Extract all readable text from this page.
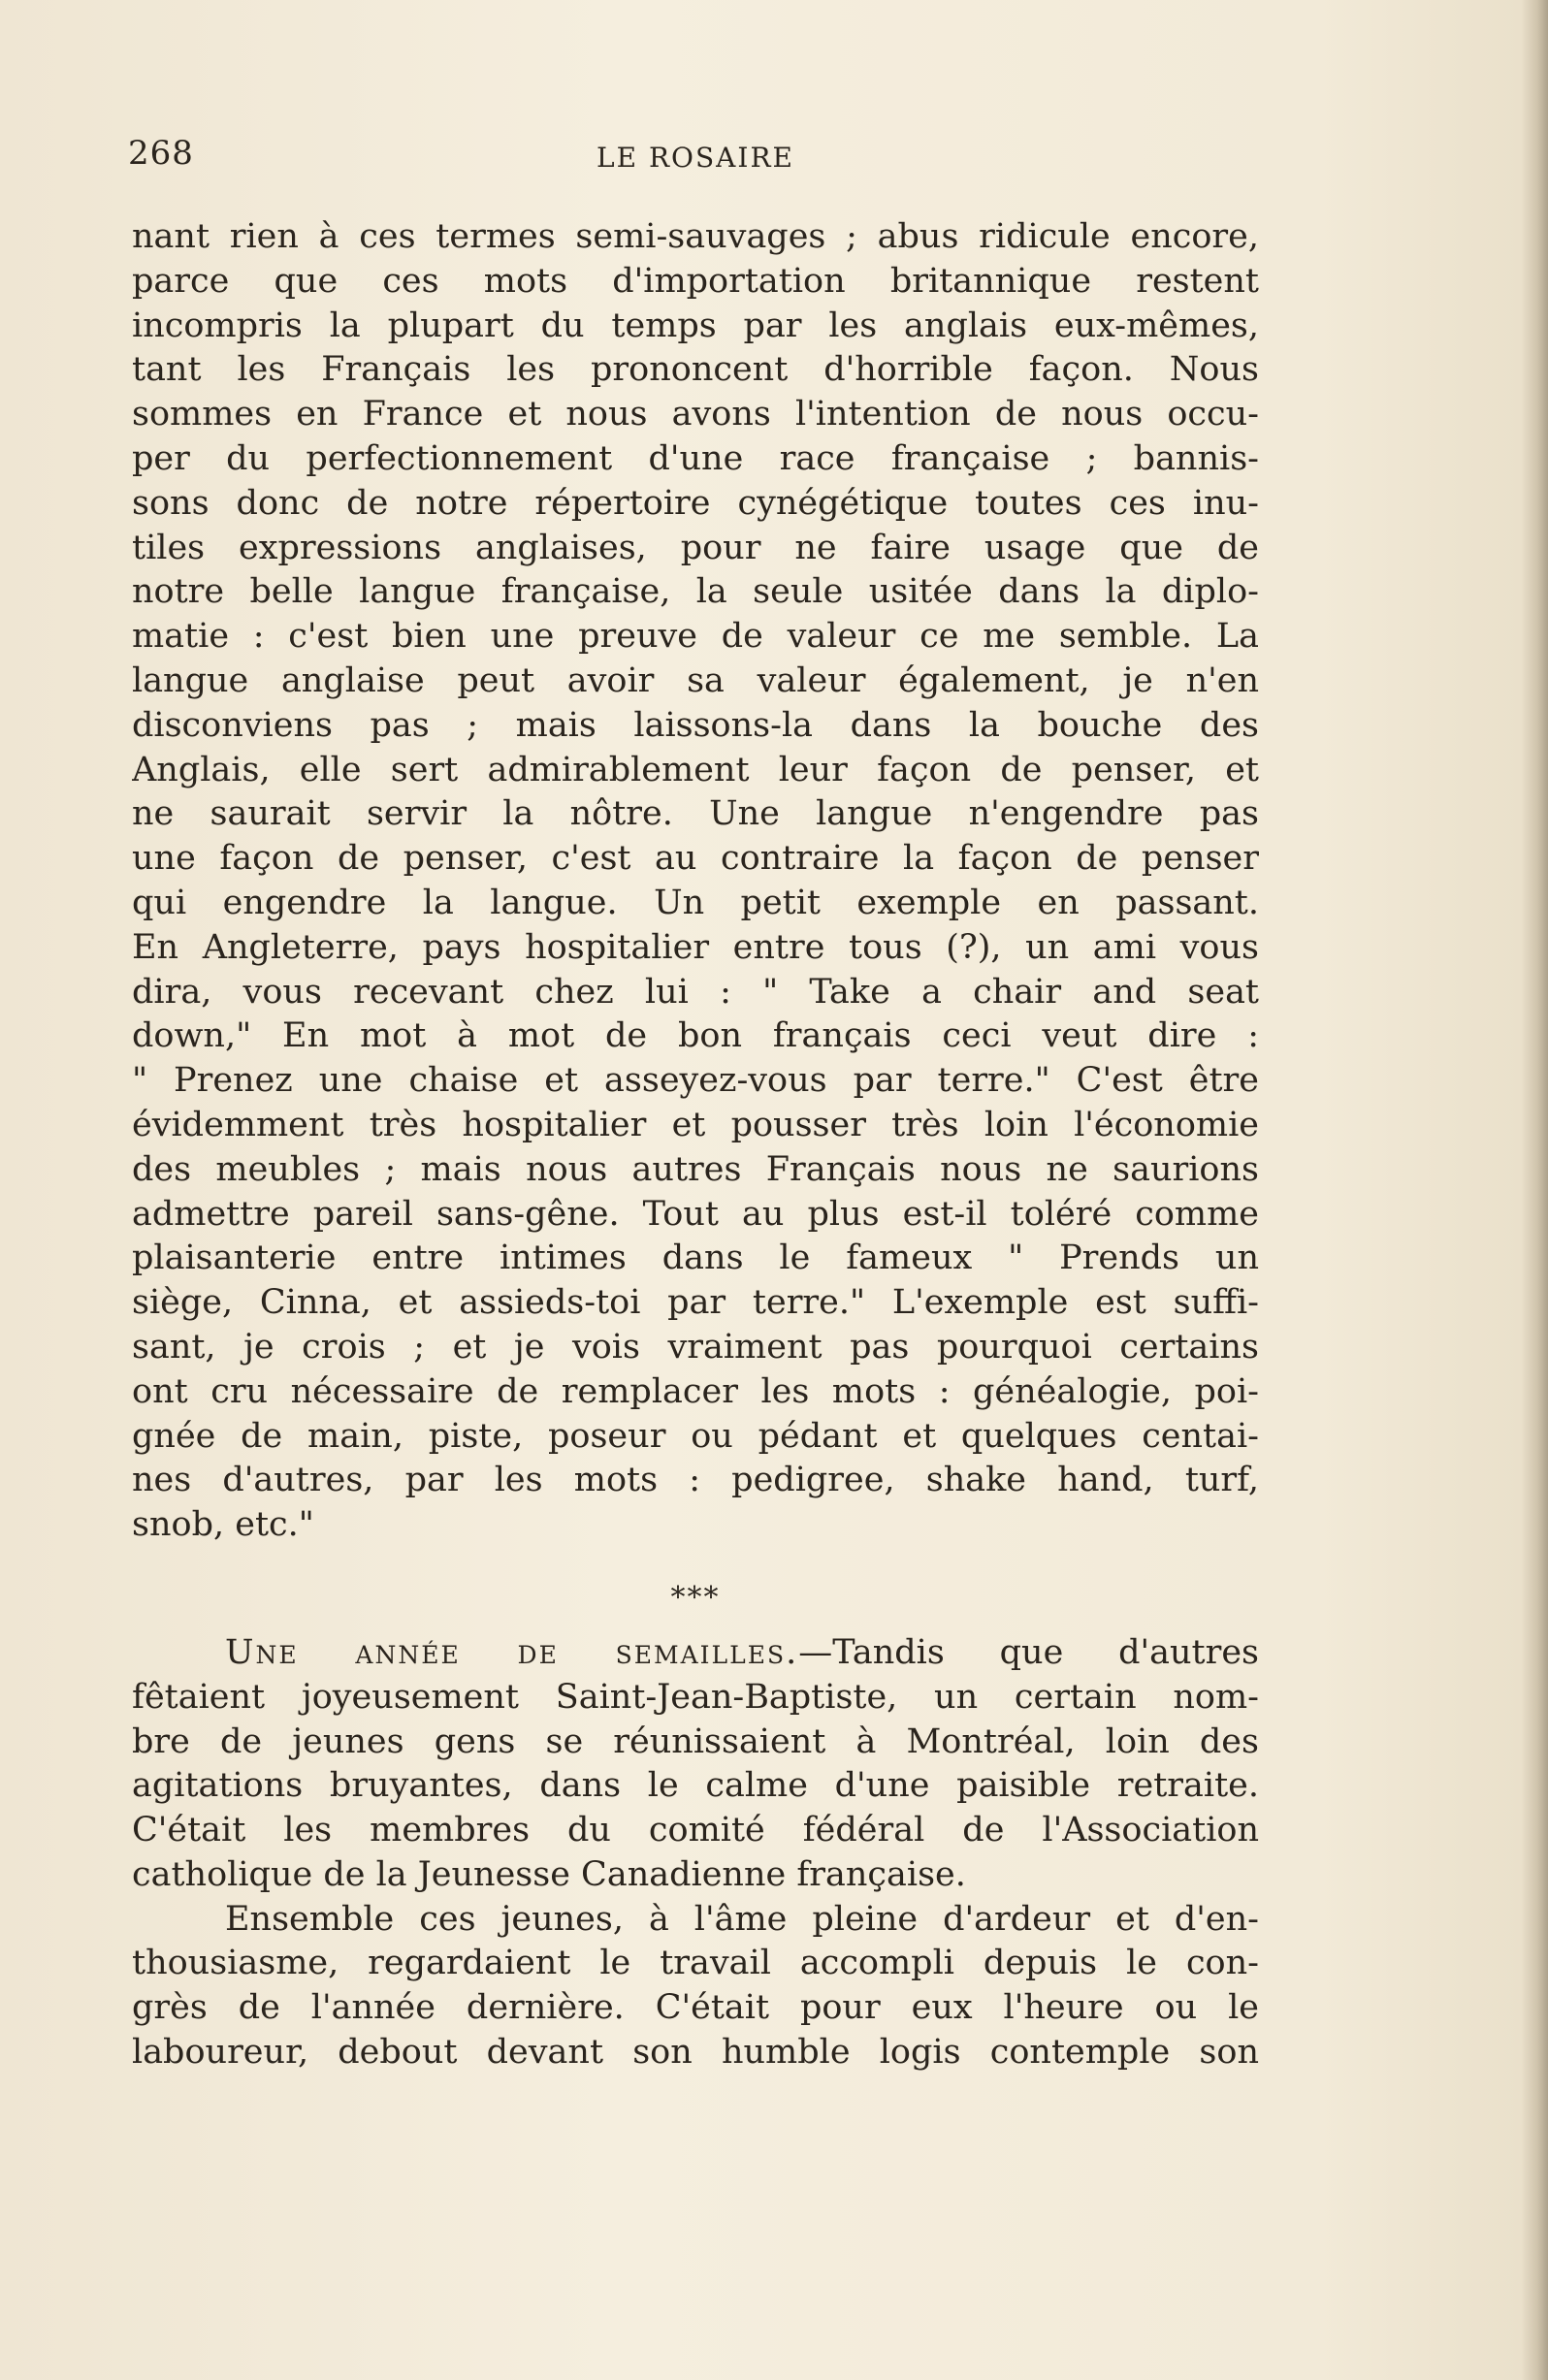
268	LE ROSAIRE
nant rien à ces termes semi-sauvages ; abus ridicule encore,
parce que ces mots d'importation britannique restent
incompris la plupart du temps par les anglais eux-mêmes,
tant les Français les prononcent d'horrible façon. Nous
sommes en France et nous avons l'intention de nous occu-
per du perfectionnement d'une race française ; bannis-
sons donc de notre répertoire cynégétique toutes ces inu-
tiles expressions anglaises, pour ne faire usage que de
notre belle langue française, la seule usitée dans la diplo-
matie : c'est bien une preuve de valeur ce me semble. La
langue anglaise peut avoir sa valeur également, je n'en
disconviens pas ; mais laissons-la dans la bouche des
Anglais, elle sert admirablement leur façon de penser, et
ne saurait servir la nôtre. Une langue n'engendre pas
une façon de penser, c'est au contraire la façon de penser
qui engendre la langue. Un petit exemple en passant.
En Angleterre, pays hospitalier entre tous (?), un ami vous
dira, vous recevant chez lui : " Take a chair and seat
down," En mot à mot de bon français ceci veut dire :
" Prenez une chaise et asseyez-vous par terre." C'est être
évidemment très hospitalier et pousser très loin l'économie
des meubles ; mais nous autres Français nous ne saurions
admettre pareil sans-gêne. Tout au plus est-il toléré comme
plaisanterie entre intimes dans le fameux " Prends un
siège, Cinna, et assieds-toi par terre." L'exemple est suffi-
sant, je crois ; et je vois vraiment pas pourquoi certains
ont cru nécessaire de remplacer les mots : généalogie, poi-
gnée de main, piste, poseur ou pédant et quelques centai-
nes d'autres, par les mots : pedigree, shake hand, turf,
snob, etc."
***
Une année de semailles.—Tandis que d'autres
fêtaient joyeusement Saint-Jean-Baptiste, un certain nom-
bre de jeunes gens se réunissaient à Montréal, loin des
agitations bruyantes, dans le calme d'une paisible retraite.
C'était les membres du comité fédéral de l'Association
catholique de la Jeunesse Canadienne française.
Ensemble ces jeunes, à l'âme pleine d'ardeur et d'en-
thousiasme, regardaient le travail accompli depuis le con-
grès de l'année dernière. C'était pour eux l'heure ou le
laboureur, debout devant son humble logis contemple son
